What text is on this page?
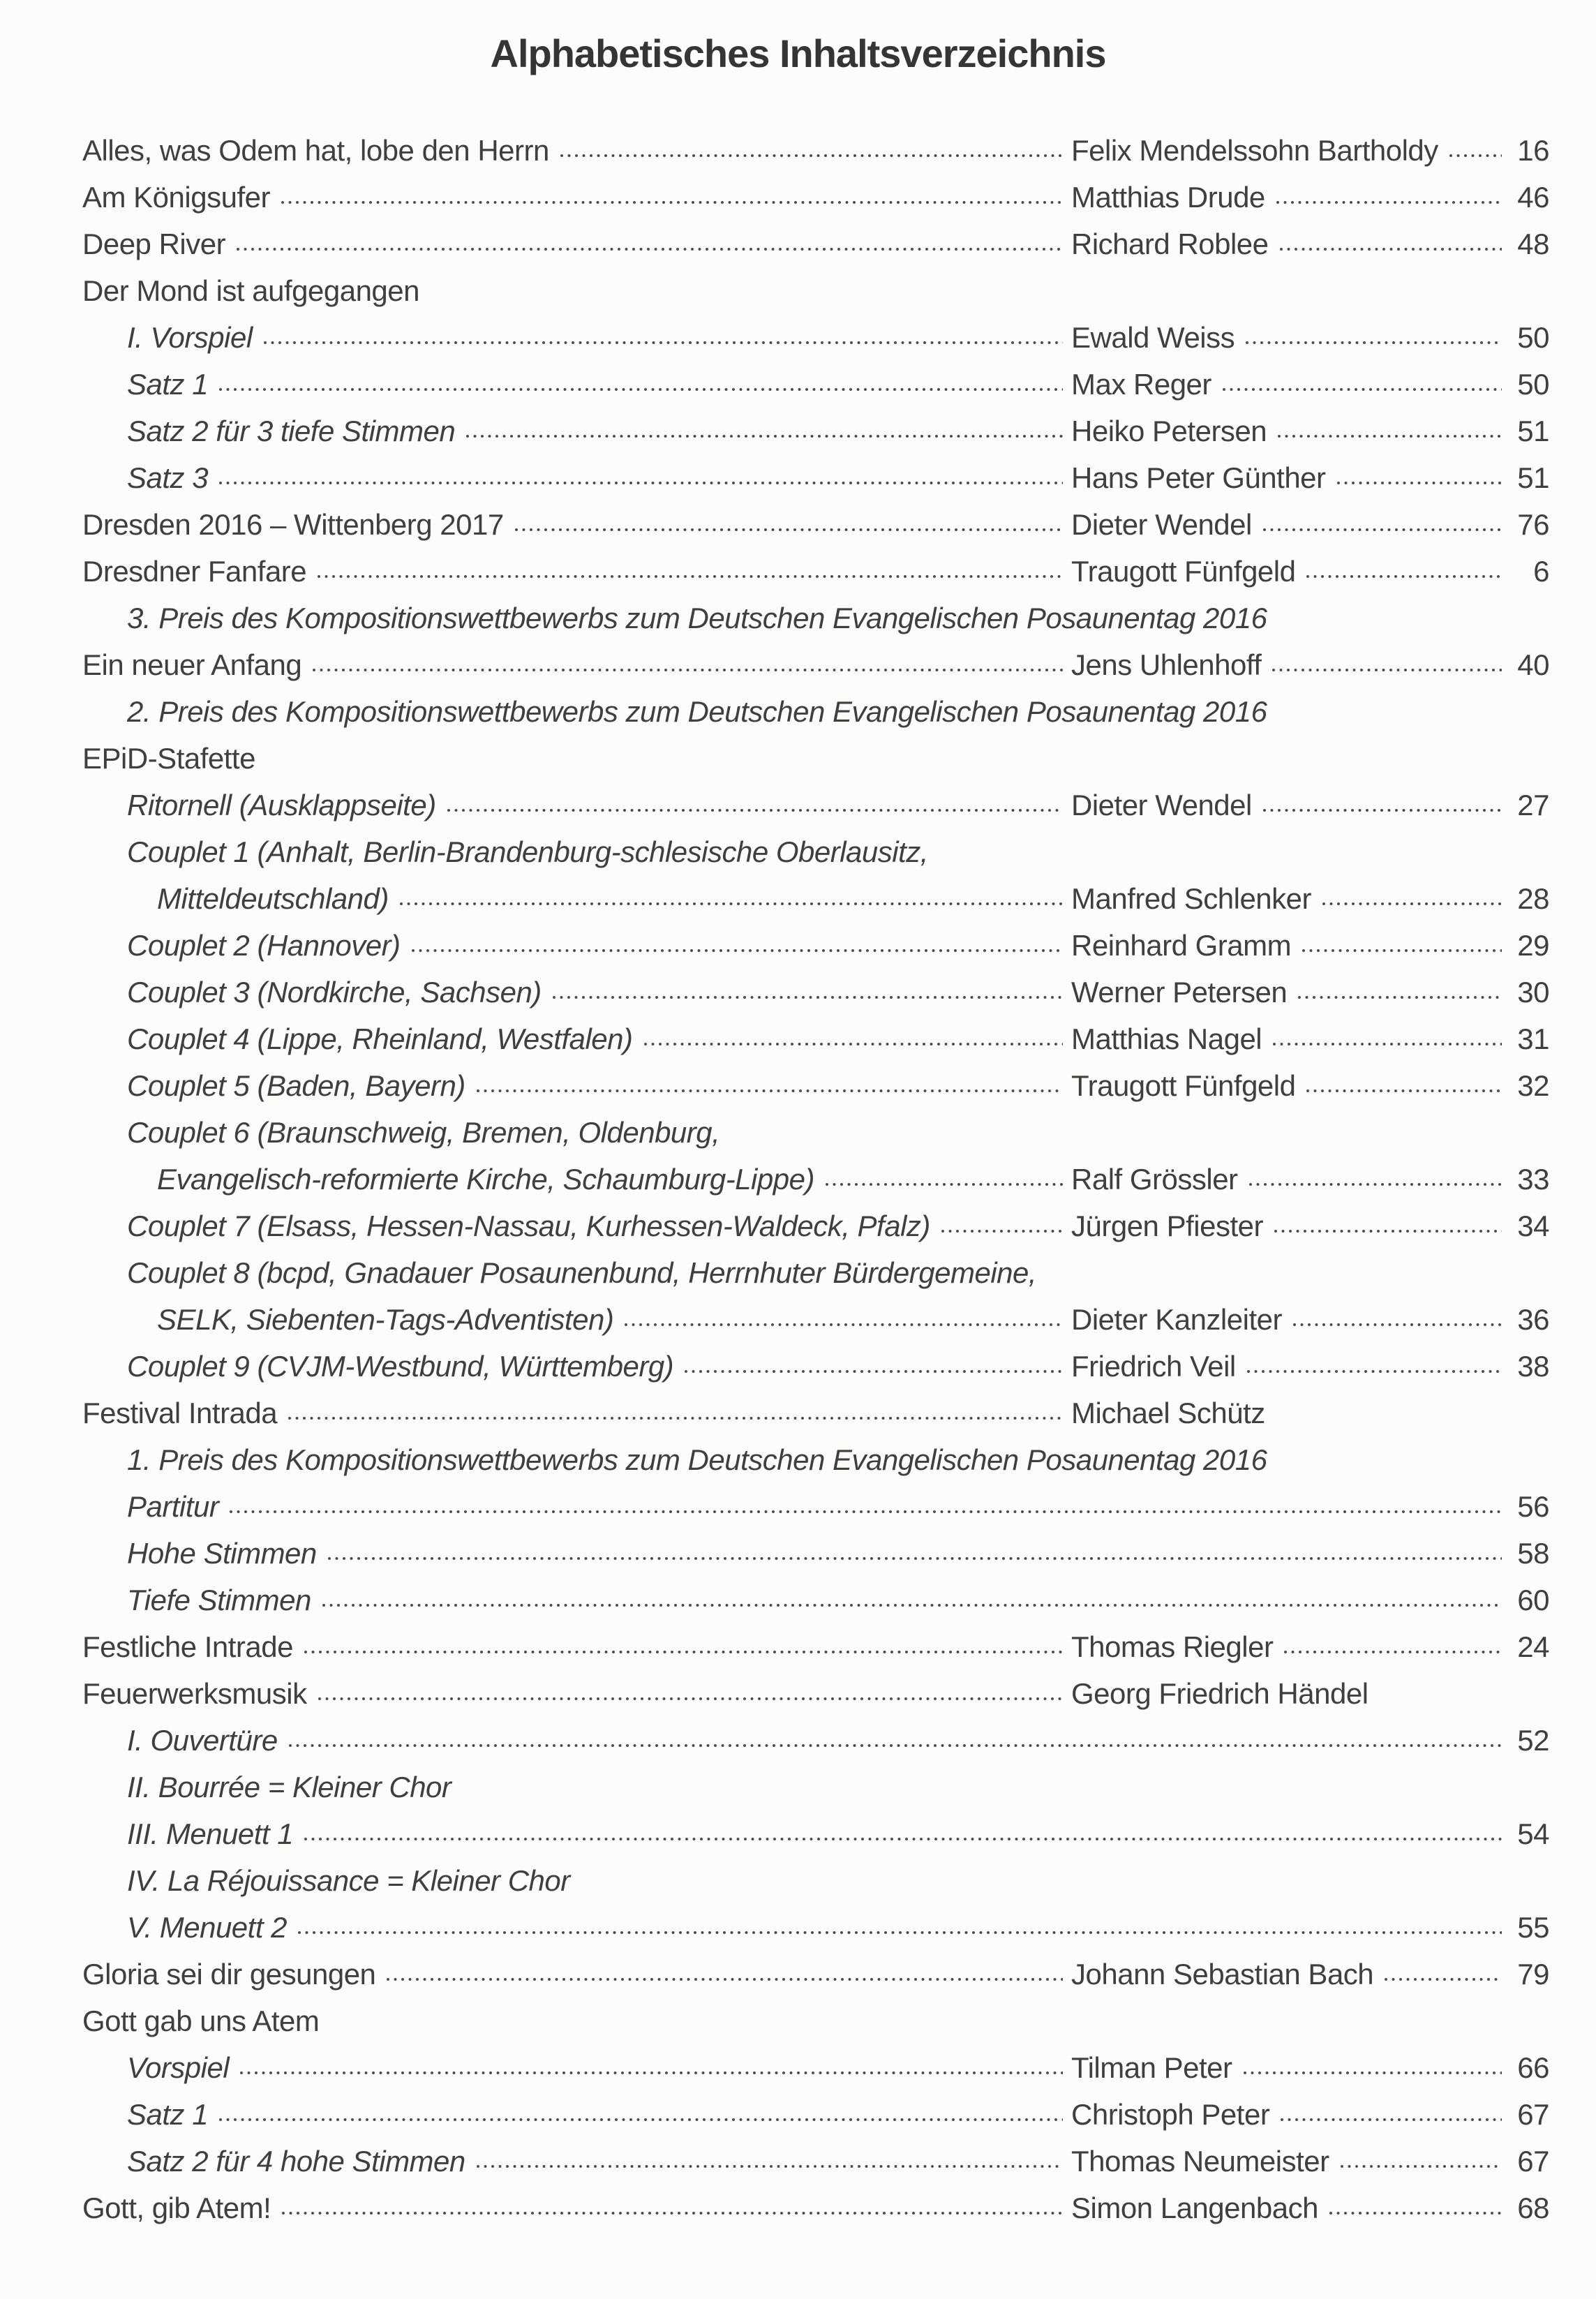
Alphabetisches Inhaltsverzeichnis
Alles, was Odem hat, lobe den Herrn	Felix Mendelssohn Bartholdy	16
Am Königsufer	Matthias Drude	46
Deep River	Richard Roblee	48
Der Mond ist aufgegangen
I. Vorspiel	Ewald Weiss	50
Satz 1	Max Reger	50
Satz 2 für 3 tiefe Stimmen	Heiko Petersen	51
Satz 3	Hans Peter Günther	51
Dresden 2016 – Wittenberg 2017	Dieter Wendel	76
Dresdner Fanfare	Traugott Fünfgeld	6
3. Preis des Kompositionswettbewerbs zum Deutschen Evangelischen Posaunentag 2016
Ein neuer Anfang	Jens Uhlenhoff	40
2. Preis des Kompositionswettbewerbs zum Deutschen Evangelischen Posaunentag 2016
EPiD-Stafette
Ritornell (Ausklappseite)	Dieter Wendel	27
Couplet 1 (Anhalt, Berlin-Brandenburg-schlesische Oberlausitz,
Mitteldeutschland)	Manfred Schlenker	28
Couplet 2 (Hannover)	Reinhard Gramm	29
Couplet 3 (Nordkirche, Sachsen)	Werner Petersen	30
Couplet 4 (Lippe, Rheinland, Westfalen)	Matthias Nagel	31
Couplet 5 (Baden, Bayern)	Traugott Fünfgeld	32
Couplet 6 (Braunschweig, Bremen, Oldenburg,
Evangelisch-reformierte Kirche, Schaumburg-Lippe)	Ralf Grössler	33
Couplet 7 (Elsass, Hessen-Nassau, Kurhessen-Waldeck, Pfalz)	Jürgen Pfiester	34
Couplet 8 (bcpd, Gnadauer Posaunenbund, Herrnhuter Bürdergemeine,
SELK, Siebenten-Tags-Adventisten)	Dieter Kanzleiter	36
Couplet 9 (CVJM-Westbund, Württemberg)	Friedrich Veil	38
Festival Intrada	Michael Schütz
1. Preis des Kompositionswettbewerbs zum Deutschen Evangelischen Posaunentag 2016
Partitur	56
Hohe Stimmen	58
Tiefe Stimmen	60
Festliche Intrade	Thomas Riegler	24
Feuerwerksmusik	Georg Friedrich Händel
I. Ouvertüre	52
II. Bourrée = Kleiner Chor
III. Menuett 1	54
IV. La Réjouissance = Kleiner Chor
V. Menuett 2	55
Gloria sei dir gesungen	Johann Sebastian Bach	79
Gott gab uns Atem
Vorspiel	Tilman Peter	66
Satz 1	Christoph Peter	67
Satz 2 für 4 hohe Stimmen	Thomas Neumeister	67
Gott, gib Atem!	Simon Langenbach	68
